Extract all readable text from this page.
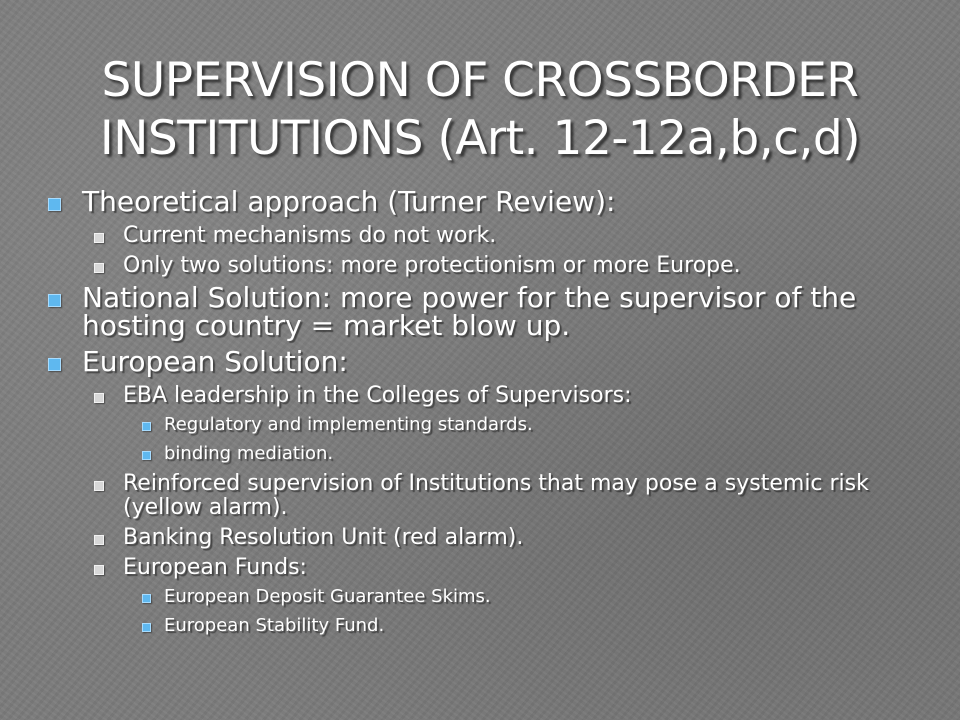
SUPERVISION OF CROSSBORDER
INSTITUTIONS (Art. 12-12a,b,c,d)
Theoretical approach (Turner Review):
Current mechanisms do not work.
Only two solutions: more protectionism or more Europe.
National Solution: more power for the supervisor of the hosting country = market blow up.
European Solution:
EBA leadership in the Colleges of Supervisors:
Regulatory and implementing standards.
binding mediation.
Reinforced supervision of Institutions that may pose a systemic risk (yellow alarm).
Banking Resolution Unit (red alarm).
European Funds:
European Deposit Guarantee Skims.
European Stability Fund.
